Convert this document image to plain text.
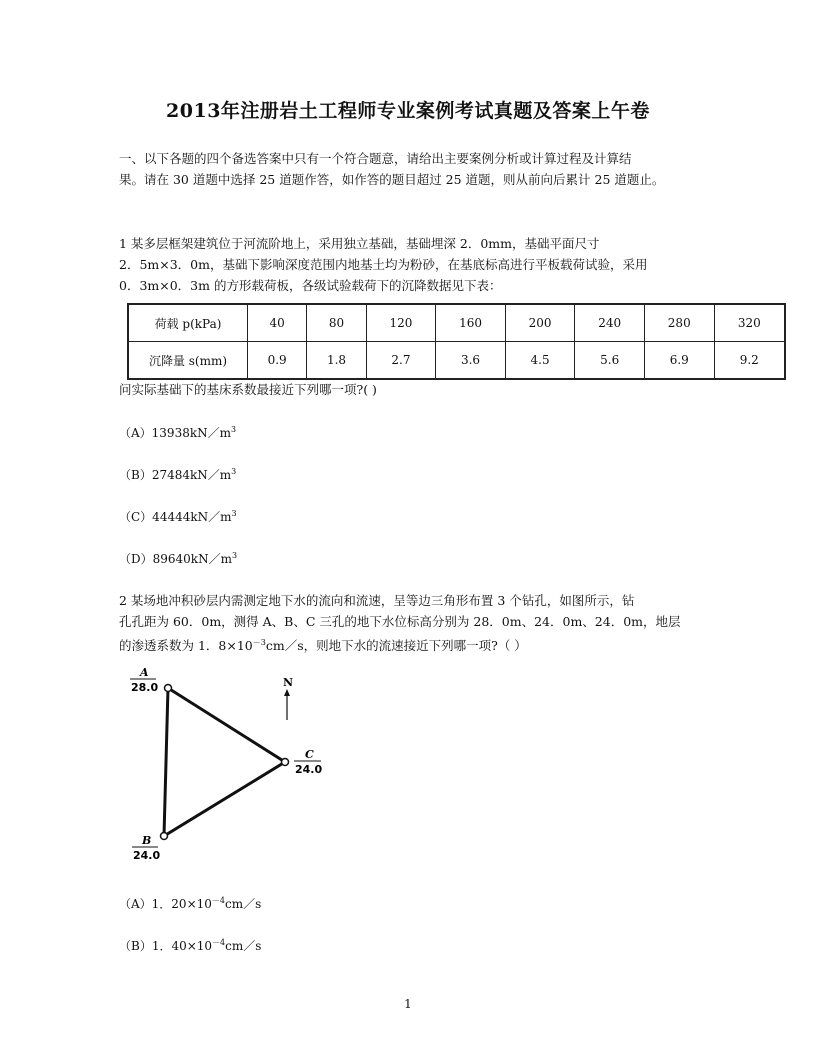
2013年注册岩土工程师专业案例考试真题及答案上午卷
一、以下各题的四个备选答案中只有一个符合题意，请给出主要案例分析或计算过程及计算结
果。请在 30 道题中选择 25 道题作答，如作答的题目超过 25 道题，则从前向后累计 25 道题止。
1 某多层框架建筑位于河流阶地上，采用独立基础，基础埋深 2．0mm，基础平面尺寸
2．5m×3．0m，基础下影响深度范围内地基土均为粉砂，在基底标高进行平板载荷试验，采用
0．3m×0．3m 的方形载荷板，各级试验载荷下的沉降数据见下表：
荷载 p(kPa)	40	80	120	160	200	240	280	320
沉降量 s(mm)	0.9	1.8	2.7	3.6	4.5	5.6	6.9	9.2
问实际基础下的基床系数最接近下列哪一项?( )
$(A)13938kN/m^3$
$(B)27484kN/m^3$
$(C)44444kN/m^3$
$(D)89640kN/m^3$
2 某场地冲积砂层内需测定地下水的流向和流速，呈等边三角形布置 3 个钻孔，如图所示，钻
孔孔距为 60．0m，测得 A、B、C 三孔的地下水位标高分别为 28．0m、24．0m、24．0m，地层
的渗透系数为 1．$8\times 10^{-3}cm/s$，则地下水的流速接近下列哪一项?（ ）
A
28.0
B
24.0
C
24.0
N
（A）1．$20\times 10^{-4}cm/s$
（B）1．$40\times 10^{-4}cm/s$
1
